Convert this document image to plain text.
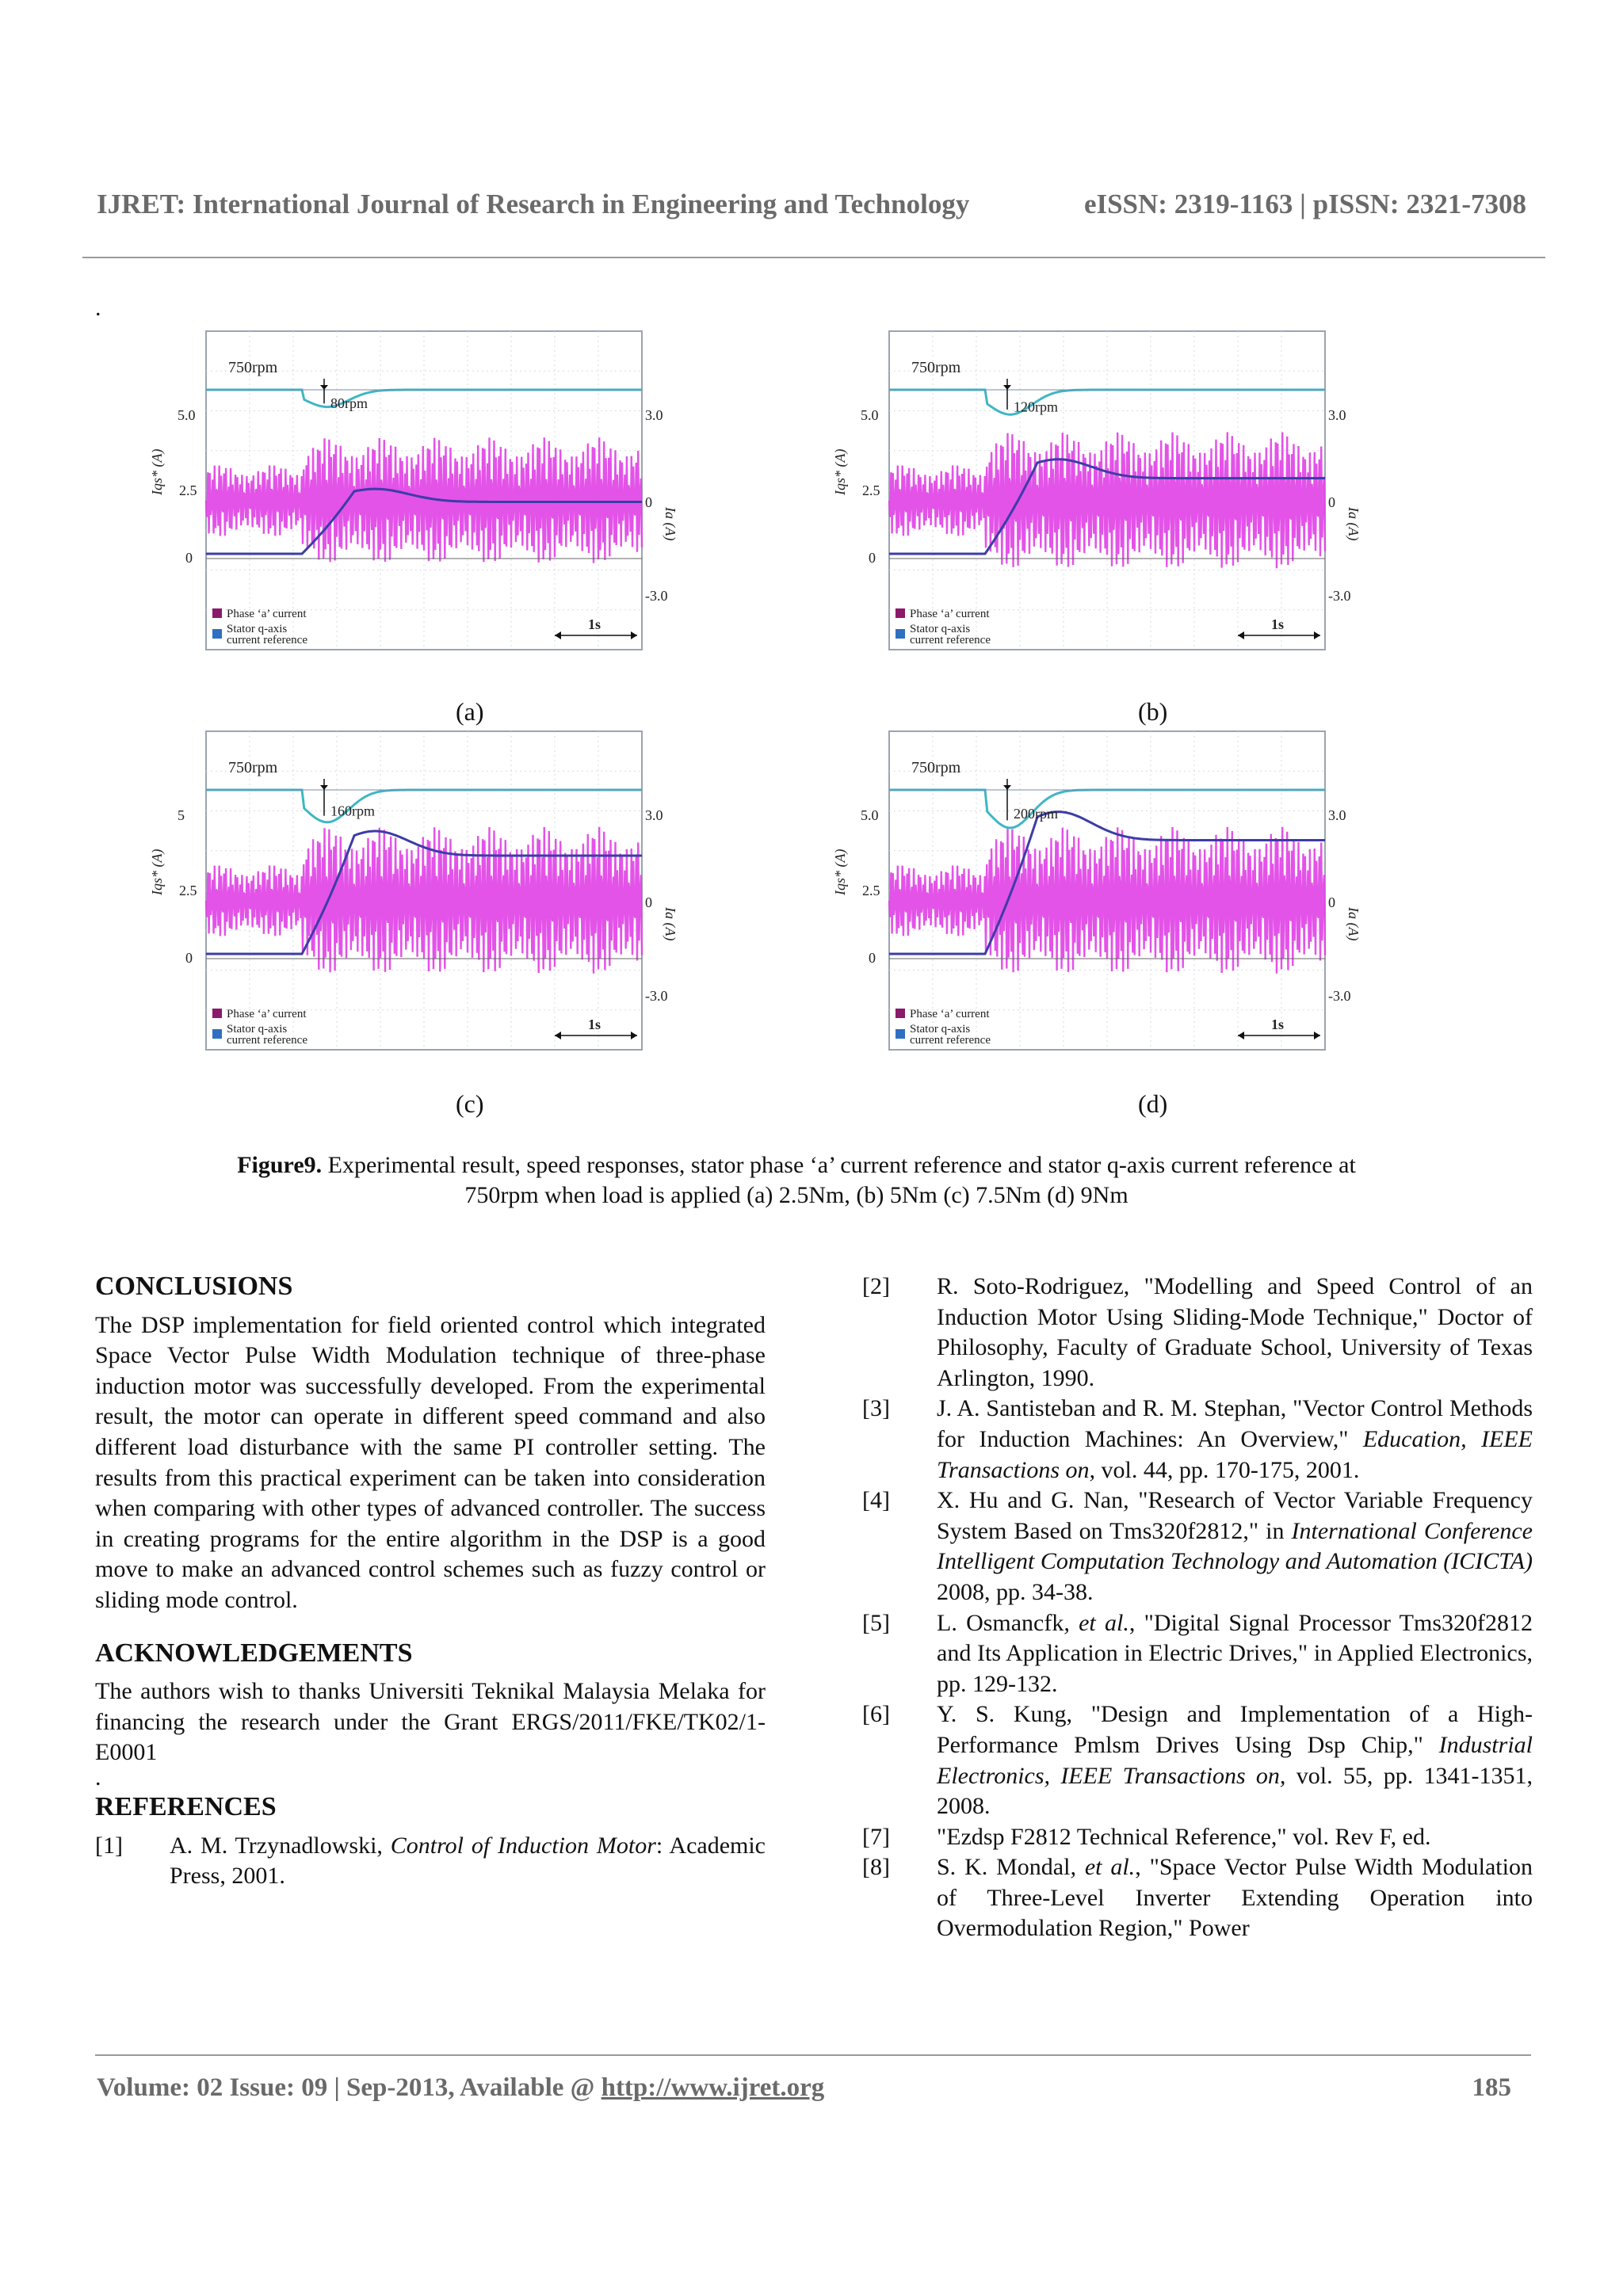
IJRET: International Journal of Research in Engineering and Technology	eISSN: 2319-1163 | pISSN: 2321-7308
.
80rpm
750rpm
5.0
2.5
0
Iqs* (A)
3.0
0
-3.0
Ia (A)
Phase ‘a’ current
Stator q-axis
current reference
1s
120rpm
750rpm
5.0
2.5
0
Iqs* (A)
3.0
0
-3.0
Ia (A)
Phase ‘a’ current
Stator q-axis
current reference
1s
160rpm
750rpm
5
2.5
0
Iqs* (A)
3.0
0
-3.0
Ia (A)
Phase ‘a’ current
Stator q-axis
current reference
1s
200rpm
750rpm
5.0
2.5
0
Iqs* (A)
3.0
0
-3.0
Ia (A)
Phase ‘a’ current
Stator q-axis
current reference
1s
(a)	(b)
(c)	(d)
Figure9. Experimental result, speed responses, stator phase ‘a’ current reference and stator q-axis current reference at
750rpm when load is applied (a) 2.5Nm, (b) 5Nm (c) 7.5Nm (d) 9Nm
CONCLUSIONS

The DSP implementation for field oriented control which integrated Space Vector Pulse Width Modulation technique of three-phase induction motor was successfully developed. From the experimental result, the motor can operate in different speed command and also different load disturbance with the same PI controller setting. The results from this practical experiment can be taken into consideration when comparing with other types of advanced controller. The success in creating programs for the entire algorithm in the DSP is a good move to make an advanced control schemes such as fuzzy control or sliding mode control.

ACKNOWLEDGEMENTS

The authors wish to thanks Universiti Teknikal Malaysia Melaka for financing the research under the Grant ERGS/2011/FKE/TK02/1-E0001

.

REFERENCES
[1]	A. M. Trzynadlowski, Control of Induction Motor: Academic Press, 2001.
[2]	R. Soto-Rodriguez, "Modelling and Speed Control of an Induction Motor Using Sliding-Mode Technique," Doctor of Philosophy, Faculty of Graduate School, University of Texas Arlington, 1990.
[3]	J. A. Santisteban and R. M. Stephan, "Vector Control Methods for Induction Machines: An Overview," Education, IEEE Transactions on, vol. 44, pp. 170-175, 2001.
[4]	X. Hu and G. Nan, "Research of Vector Variable Frequency System Based on Tms320f2812," in International Conference Intelligent Computation Technology and Automation (ICICTA) 2008, pp. 34-38.
[5]	L. Osmancfk, et al., "Digital Signal Processor Tms320f2812 and Its Application in Electric Drives," in Applied Electronics, pp. 129-132.
[6]	Y. S. Kung, "Design and Implementation of a High-Performance Pmlsm Drives Using Dsp Chip," Industrial Electronics, IEEE Transactions on, vol. 55, pp. 1341-1351, 2008.
[7]	"Ezdsp F2812 Technical Reference," vol. Rev F, ed.
[8]	S. K. Mondal, et al., "Space Vector Pulse Width Modulation of Three-Level Inverter Extending Operation into Overmodulation Region," Power
Volume: 02 Issue: 09 | Sep-2013, Available @ http://www.ijret.org	185
